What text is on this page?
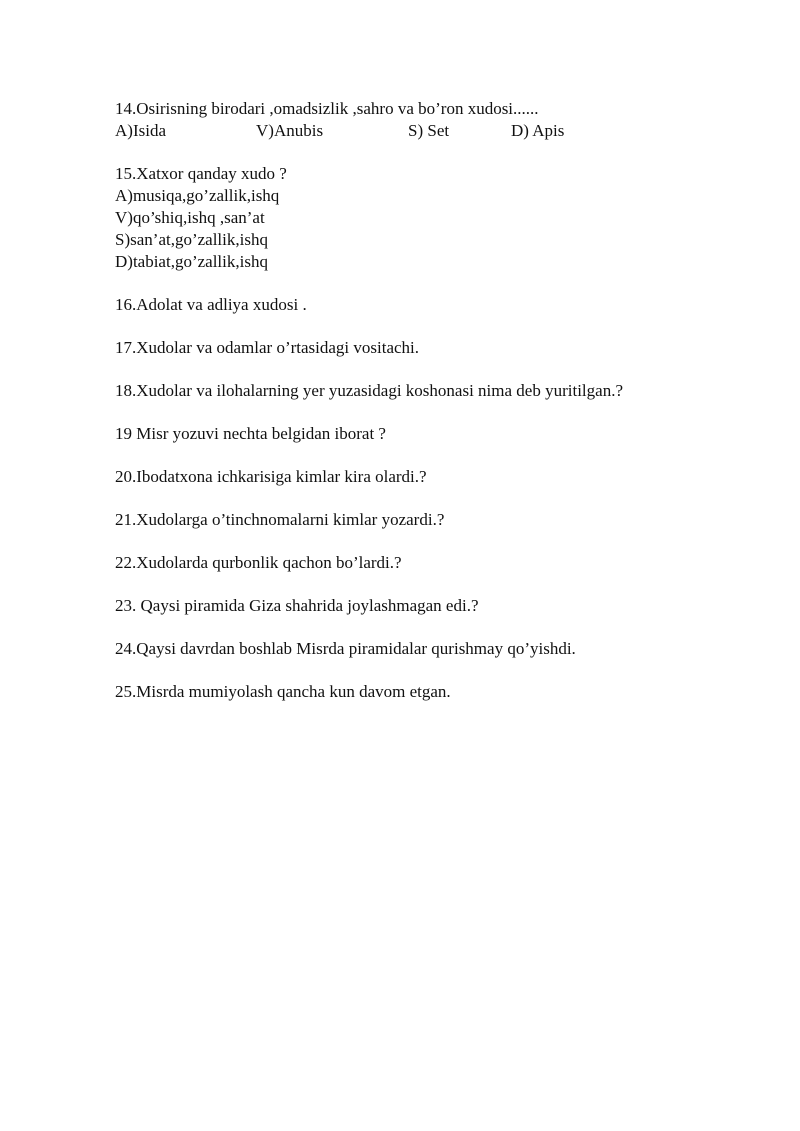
14.Osirisning birodari ,omadsizlik ,sahro va bo’ron xudosi......

A)Isida	V)Anubis	S) Set	D) Apis

15.Xatxor qanday xudo ?

A)musiqa,go’zallik,ishq

V)qo’shiq,ishq ,san’at

S)san’at,go’zallik,ishq

D)tabiat,go’zallik,ishq

16.Adolat va adliya xudosi .

17.Xudolar va odamlar o’rtasidagi vositachi.

18.Xudolar va ilohalarning yer yuzasidagi koshonasi nima deb yuritilgan.?

19 Misr yozuvi nechta belgidan iborat ?

20.Ibodatxona ichkarisiga kimlar kira olardi.?

21.Xudolarga o’tinchnomalarni kimlar yozardi.?

22.Xudolarda qurbonlik qachon bo’lardi.?

23. Qaysi piramida Giza shahrida joylashmagan edi.?

24.Qaysi davrdan boshlab Misrda piramidalar qurishmay qo’yishdi.

25.Misrda mumiyolash qancha kun davom etgan.
